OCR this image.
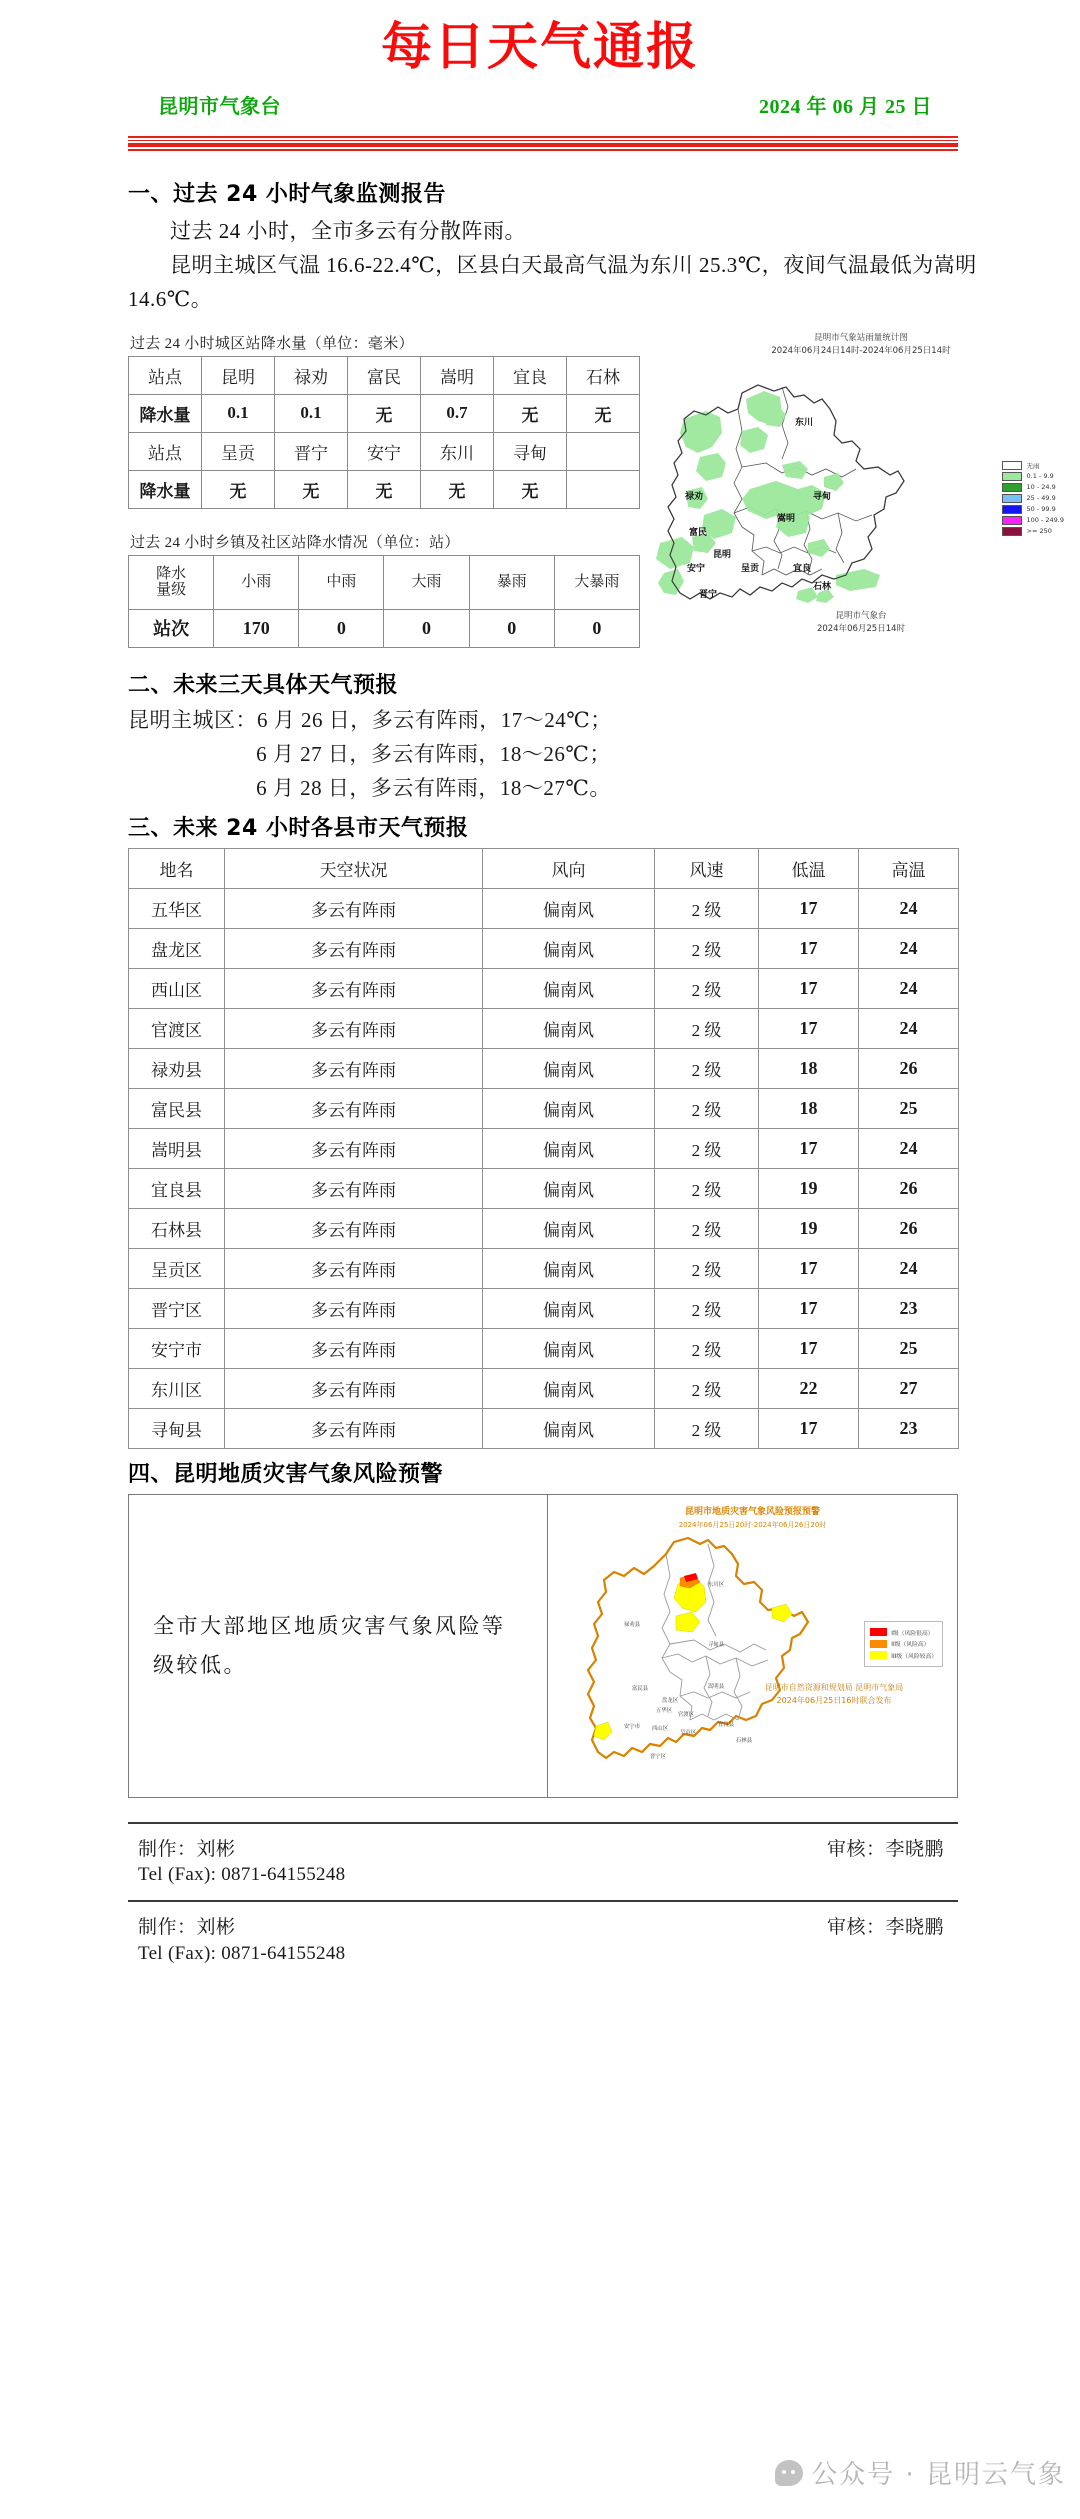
每日天气通报
昆明市气象台	2024 年 06 月 25 日
一、过去 24 小时气象监测报告
过去 24 小时，全市多云有分散阵雨。
昆明主城区气温 16.6-22.4℃，区县白天最高气温为东川 25.3℃，夜间气温最低为嵩明 14.6℃。
过去 24 小时城区站降水量（单位：毫米）
站点	昆明	禄劝	富民	嵩明	宜良	石林
降水量	0.1	0.1	无	0.7	无	无
站点	呈贡	晋宁	安宁	东川	寻甸	
降水量	无	无	无	无	无	
过去 24 小时乡镇及社区站降水情况（单位：站）
降水
量级	小雨	中雨	大雨	暴雨	大暴雨
站次	170	0	0	0	0
昆明市气象站雨量统计图
2024年06月24日14时-2024年06月25日14时
东川
禄劝	寻甸
嵩明
富民
昆明
安宁	呈贡	宜良
石林
晋宁
无雨
0.1 - 9.9
10 - 24.9
25 - 49.9
50 - 99.9
100 - 249.9
>= 250
昆明市气象台
2024年06月25日14时
二、未来三天具体天气预报
昆明主城区：6 月 26 日，多云有阵雨，17～24℃；
6 月 27 日，多云有阵雨，18～26℃；
6 月 28 日，多云有阵雨，18～27℃。
三、未来 24 小时各县市天气预报
地名	天空状况	风向	风速	低温	高温
五华区	多云有阵雨	偏南风	2 级	17	24
盘龙区	多云有阵雨	偏南风	2 级	17	24
西山区	多云有阵雨	偏南风	2 级	17	24
官渡区	多云有阵雨	偏南风	2 级	17	24
禄劝县	多云有阵雨	偏南风	2 级	18	26
富民县	多云有阵雨	偏南风	2 级	18	25
嵩明县	多云有阵雨	偏南风	2 级	17	24
宜良县	多云有阵雨	偏南风	2 级	19	26
石林县	多云有阵雨	偏南风	2 级	19	26
呈贡区	多云有阵雨	偏南风	2 级	17	24
晋宁区	多云有阵雨	偏南风	2 级	17	23
安宁市	多云有阵雨	偏南风	2 级	17	25
东川区	多云有阵雨	偏南风	2 级	22	27
寻甸县	多云有阵雨	偏南风	2 级	17	23
四、昆明地质灾害气象风险预警
全市大部地区地质灾害气象风险等级较低。
昆明市地质灾害气象风险预报预警
2024年06月25日20时-2024年06月26日20时
东川区
禄劝县
寻甸县
富民县	嵩明县
盘龙区
五华区
官渡区
西山区
呈贡区
宜良县
石林县
安宁市
晋宁区
I级（风险很高）
II级（风险高）
III级（风险较高）
昆明市自然资源和规划局 昆明市气象局
2024年06月25日16时联合发布
制作：刘彬	审核：李晓鹏
Tel (Fax): 0871-64155248
制作：刘彬	审核：李晓鹏
Tel (Fax): 0871-64155248
公众号 · 昆明云气象
